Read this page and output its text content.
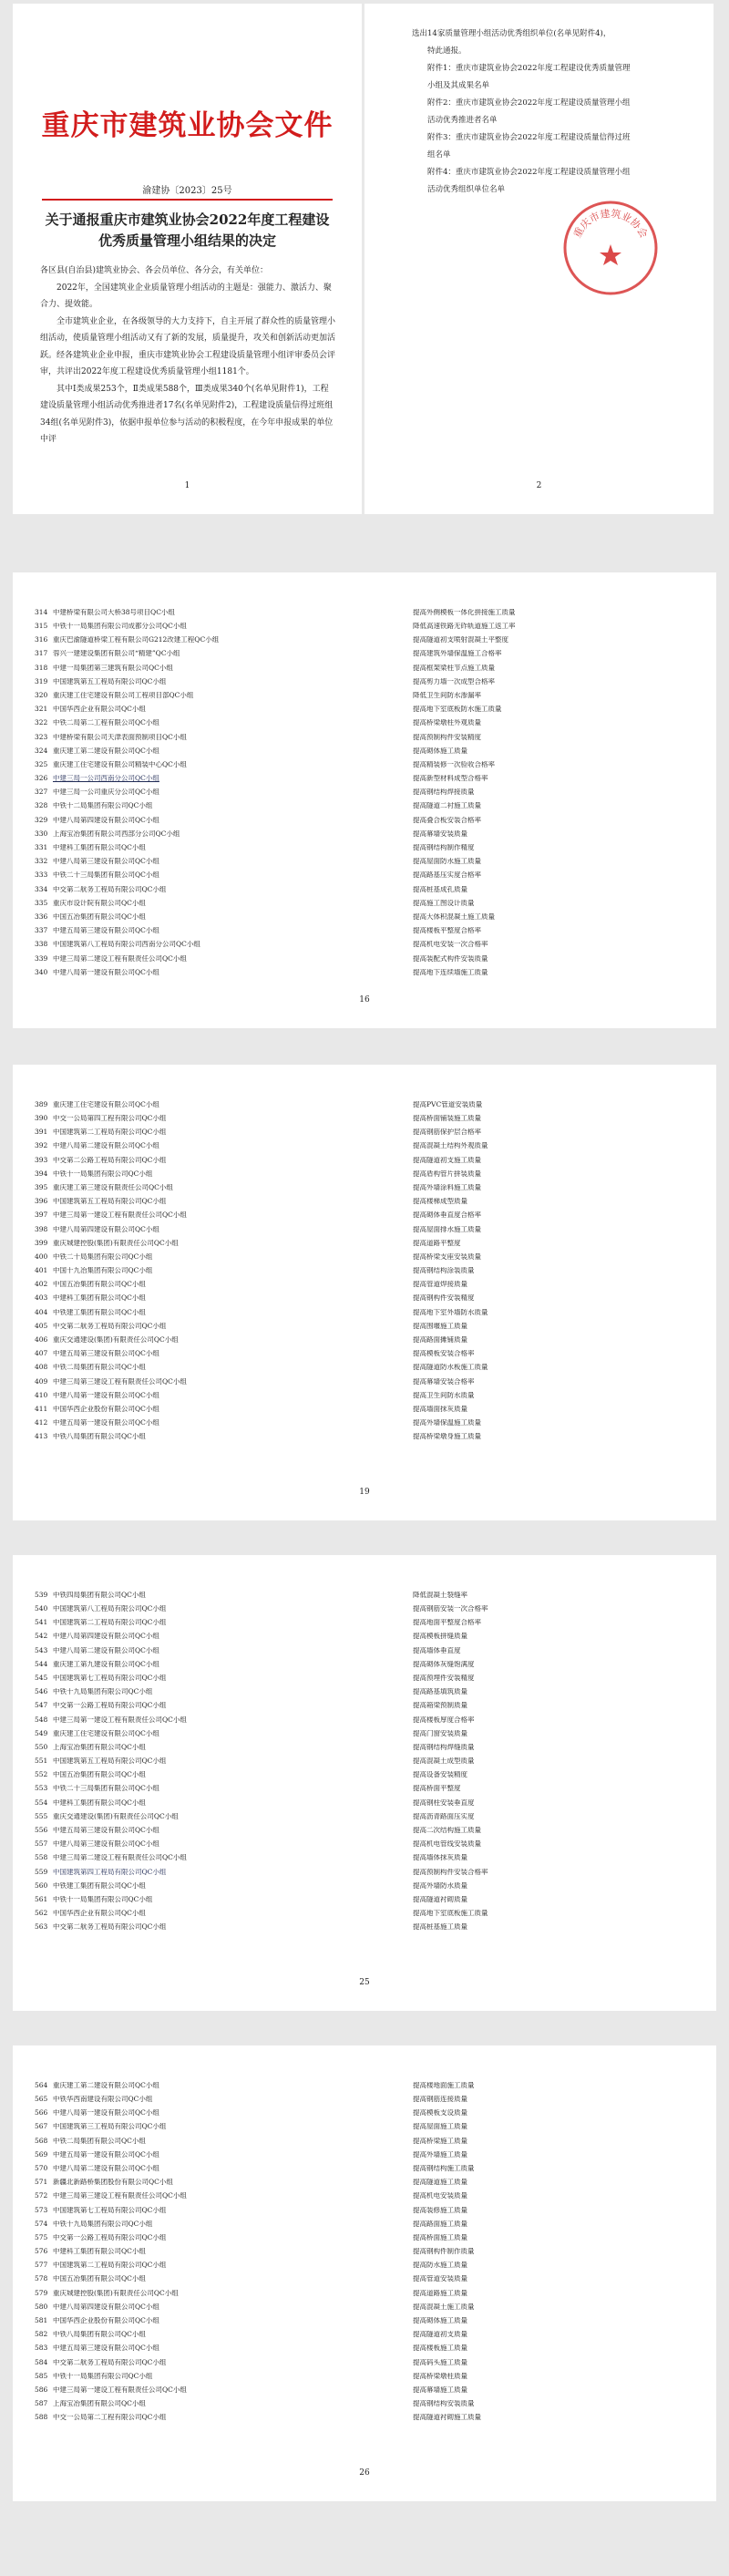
重庆市建筑业协会文件
渝建协〔2023〕25号
关于通报重庆市建筑业协会2022年度工程建设
优秀质量管理小组结果的决定

各区县(自治县)建筑业协会、各会员单位、各分会，有关单位：

2022年，全国建筑业企业质量管理小组活动的主题是：强能力、激活力、聚合力、提效能。

全市建筑业企业，在各级领导的大力支持下，自主开展了群众性的质量管理小组活动，使质量管理小组活动又有了新的发展，质量提升，攻关和创新活动更加活跃。经各建筑业企业申报，重庆市建筑业协会工程建设质量管理小组评审委员会评审，共评出2022年度工程建设优秀质量管理小组1181个。

其中Ⅰ类成果253个，Ⅱ类成果588个，Ⅲ类成果340个(名单见附件1)，工程建设质量管理小组活动优秀推进者17名(名单见附件2)，工程建设质量信得过班组34组(名单见附件3)，依据申报单位参与活动的积极程度，在今年申报成果的单位中评

1

选出14家质量管理小组活动优秀组织单位(名单见附件4)，

特此通报。

附件1：重庆市建筑业协会2022年度工程建设优秀质量管理

小组及其成果名单

附件2：重庆市建筑业协会2022年度工程建设质量管理小组

活动优秀推进者名单

附件3：重庆市建筑业协会2022年度工程建设质量信得过班

组名单

附件4：重庆市建筑业协会2022年度工程建设质量管理小组

活动优秀组织单位名单

重庆市建筑业协会
2
314 中建桥梁有限公司大桥38号项目QC小组	提高外侧模板一体化拼接施工质量
315 中铁十一局集团有限公司成都分公司QC小组	降低高速铁路无砟轨道施工返工率
316 重庆巴渝隧道桥梁工程有限公司G212改建工程QC小组	提高隧道初支喷射混凝土平整度
317 蓉兴一建建设集团有限公司“精建”QC小组	提高建筑外墙保温施工合格率
318 中建一局集团第三建筑有限公司QC小组	提高框架梁柱节点施工质量
319 中国建筑第五工程局有限公司QC小组	提高剪力墙一次成型合格率
320 重庆建工住宅建设有限公司工程项目部QC小组	降低卫生间防水渗漏率
321 中国华西企业有限公司QC小组	提高地下室底板防水施工质量
322 中铁二局第二工程有限公司QC小组	提高桥梁墩柱外观质量
323 中建桥梁有限公司天津表面预制项目QC小组	提高预制构件安装精度
324 重庆建工第二建设有限公司QC小组	提高砌体施工质量
325 重庆建工住宅建设有限公司精装中心QC小组	提高精装修一次验收合格率
326 中建三局一公司西南分公司QC小组	提高新型材料成型合格率
327 中建三局一公司重庆分公司QC小组	提高钢结构焊接质量
328 中铁十二局集团有限公司QC小组	提高隧道二衬施工质量
329 中建八局第四建设有限公司QC小组	提高叠合板安装合格率
330 上海宝冶集团有限公司西部分公司QC小组	提高幕墙安装质量
331 中建科工集团有限公司QC小组	提高钢结构制作精度
332 中建八局第三建设有限公司QC小组	提高屋面防水施工质量
333 中铁二十三局集团有限公司QC小组	提高路基压实度合格率
334 中交第二航务工程局有限公司QC小组	提高桩基成孔质量
335 重庆市设计院有限公司QC小组	提高施工图设计质量
336 中国五冶集团有限公司QC小组	提高大体积混凝土施工质量
337 中建五局第三建设有限公司QC小组	提高楼板平整度合格率
338 中国建筑第八工程局有限公司西南分公司QC小组	提高机电安装一次合格率
339 中建三局第二建设工程有限责任公司QC小组	提高装配式构件安装质量
340 中建八局第一建设有限公司QC小组	提高地下连续墙施工质量
16
389 重庆建工住宅建设有限公司QC小组	提高PVC管道安装质量
390 中交一公局第四工程有限公司QC小组	提高桥面铺装施工质量
391 中国建筑第二工程局有限公司QC小组	提高钢筋保护层合格率
392 中建八局第二建设有限公司QC小组	提高混凝土结构外观质量
393 中交第二公路工程局有限公司QC小组	提高隧道初支施工质量
394 中铁十一局集团有限公司QC小组	提高盾构管片拼装质量
395 重庆建工第三建设有限责任公司QC小组	提高外墙涂料施工质量
396 中国建筑第五工程局有限公司QC小组	提高楼梯成型质量
397 中建三局第一建设工程有限责任公司QC小组	提高砌体垂直度合格率
398 中建八局第四建设有限公司QC小组	提高屋面排水施工质量
399 重庆城建控股(集团)有限责任公司QC小组	提高道路平整度
400 中铁二十局集团有限公司QC小组	提高桥梁支座安装质量
401 中国十九冶集团有限公司QC小组	提高钢结构涂装质量
402 中国五冶集团有限公司QC小组	提高管道焊接质量
403 中建科工集团有限公司QC小组	提高钢构件安装精度
404 中铁建工集团有限公司QC小组	提高地下室外墙防水质量
405 中交第二航务工程局有限公司QC小组	提高围堰施工质量
406 重庆交通建设(集团)有限责任公司QC小组	提高路面摊铺质量
407 中建五局第三建设有限公司QC小组	提高模板安装合格率
408 中铁二局集团有限公司QC小组	提高隧道防水板施工质量
409 中建三局第三建设工程有限责任公司QC小组	提高幕墙安装合格率
410 中建八局第一建设有限公司QC小组	提高卫生间防水质量
411 中国华西企业股份有限公司QC小组	提高墙面抹灰质量
412 中建五局第一建设有限公司QC小组	提高外墙保温施工质量
413 中铁八局集团有限公司QC小组	提高桥梁墩身施工质量
19
539 中铁四局集团有限公司QC小组	降低混凝土裂缝率
540 中国建筑第八工程局有限公司QC小组	提高钢筋安装一次合格率
541 中国建筑第二工程局有限公司QC小组	提高地面平整度合格率
542 中建八局第四建设有限公司QC小组	提高模板拼缝质量
543 中建八局第二建设有限公司QC小组	提高墙体垂直度
544 重庆建工第九建设有限公司QC小组	提高砌体灰缝饱满度
545 中国建筑第七工程局有限公司QC小组	提高预埋件安装精度
546 中铁十九局集团有限公司QC小组	提高路基填筑质量
547 中交第一公路工程局有限公司QC小组	提高箱梁预制质量
548 中建三局第一建设工程有限责任公司QC小组	提高楼板厚度合格率
549 重庆建工住宅建设有限公司QC小组	提高门窗安装质量
550 上海宝冶集团有限公司QC小组	提高钢结构焊缝质量
551 中国建筑第五工程局有限公司QC小组	提高混凝土成型质量
552 中国五冶集团有限公司QC小组	提高设备安装精度
553 中铁二十三局集团有限公司QC小组	提高桥面平整度
554 中建科工集团有限公司QC小组	提高钢柱安装垂直度
555 重庆交通建设(集团)有限责任公司QC小组	提高沥青路面压实度
556 中建五局第三建设有限公司QC小组	提高二次结构施工质量
557 中建八局第三建设有限公司QC小组	提高机电管线安装质量
558 中建三局第二建设工程有限责任公司QC小组	提高墙体抹灰质量
559 中国建筑第四工程局有限公司QC小组	提高预制构件安装合格率
560 中铁建工集团有限公司QC小组	提高外墙防水质量
561 中铁十一局集团有限公司QC小组	提高隧道衬砌质量
562 中国华西企业有限公司QC小组	提高地下室底板施工质量
563 中交第二航务工程局有限公司QC小组	提高桩基施工质量
25
564 重庆建工第二建设有限公司QC小组	提高楼地面施工质量
565 中铁华西南建设有限公司QC小组	提高钢筋连接质量
566 中建八局第一建设有限公司QC小组	提高模板支设质量
567 中国建筑第三工程局有限公司QC小组	提高屋面施工质量
568 中铁二局集团有限公司QC小组	提高桥梁施工质量
569 中建五局第一建设有限公司QC小组	提高外墙施工质量
570 中建八局第二建设有限公司QC小组	提高钢结构施工质量
571 新疆北新路桥集团股份有限公司QC小组	提高隧道施工质量
572 中建三局第三建设工程有限责任公司QC小组	提高机电安装质量
573 中国建筑第七工程局有限公司QC小组	提高装修施工质量
574 中铁十九局集团有限公司QC小组	提高路面施工质量
575 中交第一公路工程局有限公司QC小组	提高桥面施工质量
576 中建科工集团有限公司QC小组	提高钢构件制作质量
577 中国建筑第二工程局有限公司QC小组	提高防水施工质量
578 中国五冶集团有限公司QC小组	提高管道安装质量
579 重庆城建控股(集团)有限责任公司QC小组	提高道路施工质量
580 中建八局第四建设有限公司QC小组	提高混凝土施工质量
581 中国华西企业股份有限公司QC小组	提高砌体施工质量
582 中铁八局集团有限公司QC小组	提高隧道初支质量
583 中建五局第三建设有限公司QC小组	提高楼板施工质量
584 中交第二航务工程局有限公司QC小组	提高码头施工质量
585 中铁十一局集团有限公司QC小组	提高桥梁墩柱质量
586 中建三局第一建设工程有限责任公司QC小组	提高幕墙施工质量
587 上海宝冶集团有限公司QC小组	提高钢结构安装质量
588 中交一公局第二工程有限公司QC小组	提高隧道衬砌施工质量
26
